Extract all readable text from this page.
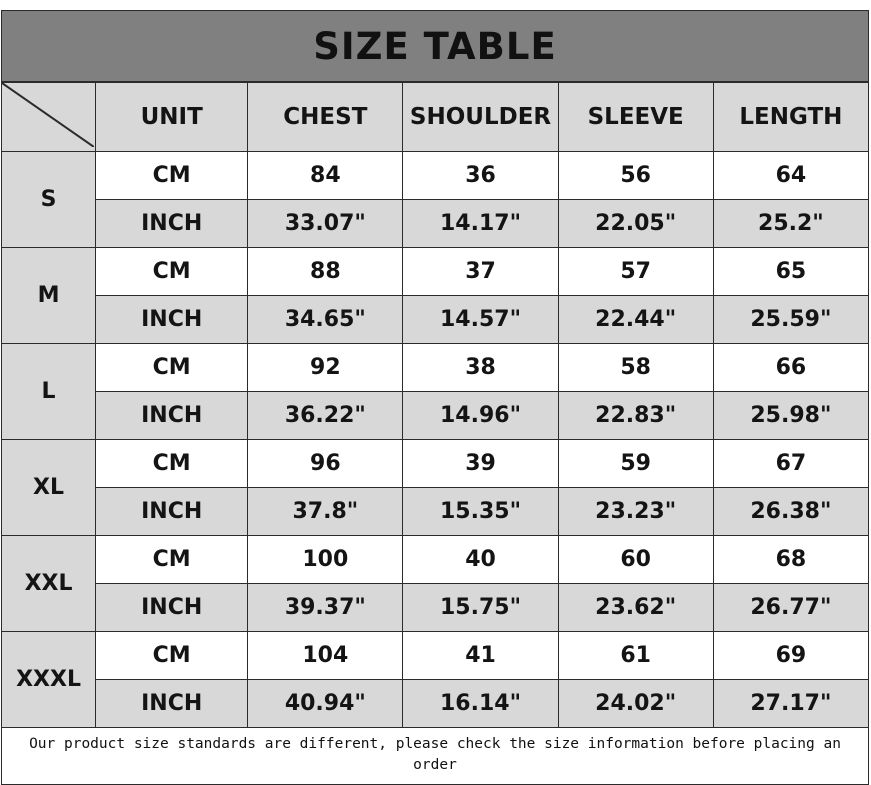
SIZE TABLE
	UNIT	CHEST	SHOULDER	SLEEVE	LENGTH
S	CM	84	36	56	64
	INCH	33.07"	14.17"	22.05"	25.2"
M	CM	88	37	57	65
	INCH	34.65"	14.57"	22.44"	25.59"
L	CM	92	38	58	66
	INCH	36.22"	14.96"	22.83"	25.98"
XL	CM	96	39	59	67
	INCH	37.8"	15.35"	23.23"	26.38"
XXL	CM	100	40	60	68
	INCH	39.37"	15.75"	23.62"	26.77"
XXXL	CM	104	41	61	69
	INCH	40.94"	16.14"	24.02"	27.17"
Our product size standards are different, please check the size information before placing an order
